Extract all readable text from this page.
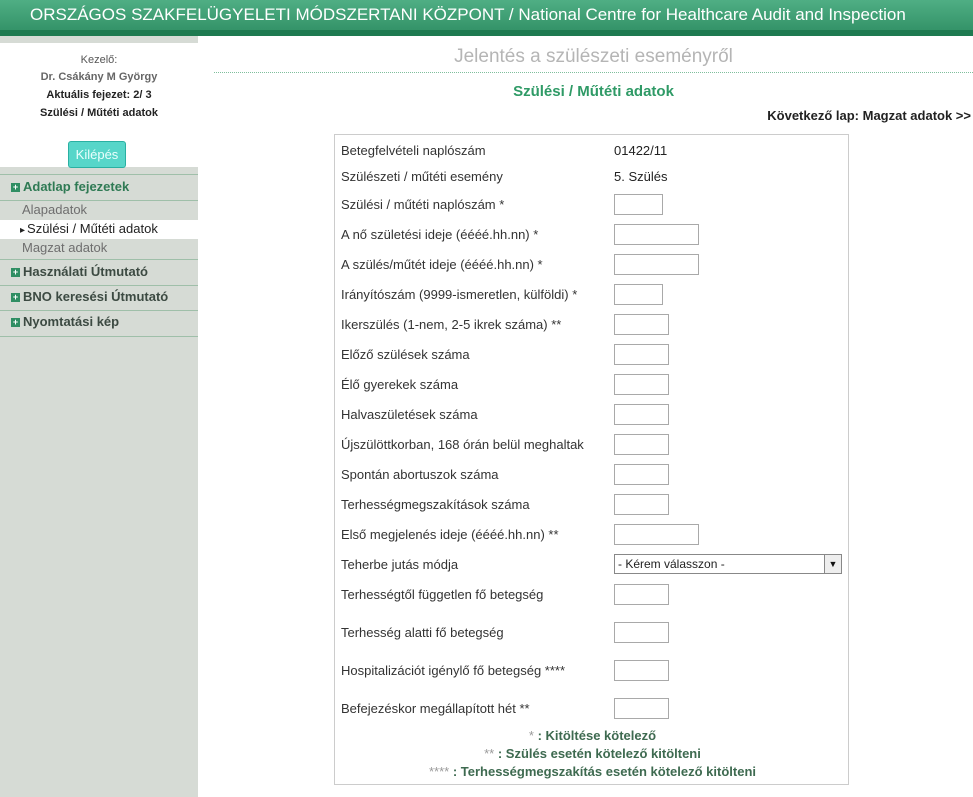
ORSZÁGOS SZAKFELÜGYELETI MÓDSZERTANI KÖZPONT / National Centre for Healthcare Audit and Inspection
Kezelő:
Dr. Csákány M György
Aktuális fejezet: 2/ 3
Szülési / Műtéti adatok
Kilépés
+ Adatlap fejezetek
Alapadatok
▸ Szülési / Műtéti adatok
Magzat adatok
+ Használati Útmutató
+ BNO keresési Útmutató
+ Nyomtatási kép
Jelentés a szülészeti eseményről
Szülési / Műtéti adatok
Következő lap: Magzat adatok >>
Betegfelvételi naplószám	01422/11
Szülészeti / műtéti esemény	5. Szülés
Szülési / műtéti naplószám *
A nő születési ideje (éééé.hh.nn) *
A szülés/műtét ideje (éééé.hh.nn) *
Irányítószám (9999-ismeretlen, külföldi) *
Ikerszülés (1-nem, 2-5 ikrek száma) **
Előző szülések száma
Élő gyerekek száma
Halvaszületések száma
Újszülöttkorban, 168 órán belül meghaltak
Spontán abortuszok száma
Terhességmegszakítások száma
Első megjelenés ideje (éééé.hh.nn) **
Teherbe jutás módja	- Kérem válasszon -	▼
Terhességtől független fő betegség
Terhesség alatti fő betegség
Hospitalizációt igénylő fő betegség ****
Befejezéskor megállapított hét **
* : Kitöltése kötelező
** : Szülés esetén kötelező kitölteni
**** : Terhességmegszakítás esetén kötelező kitölteni
